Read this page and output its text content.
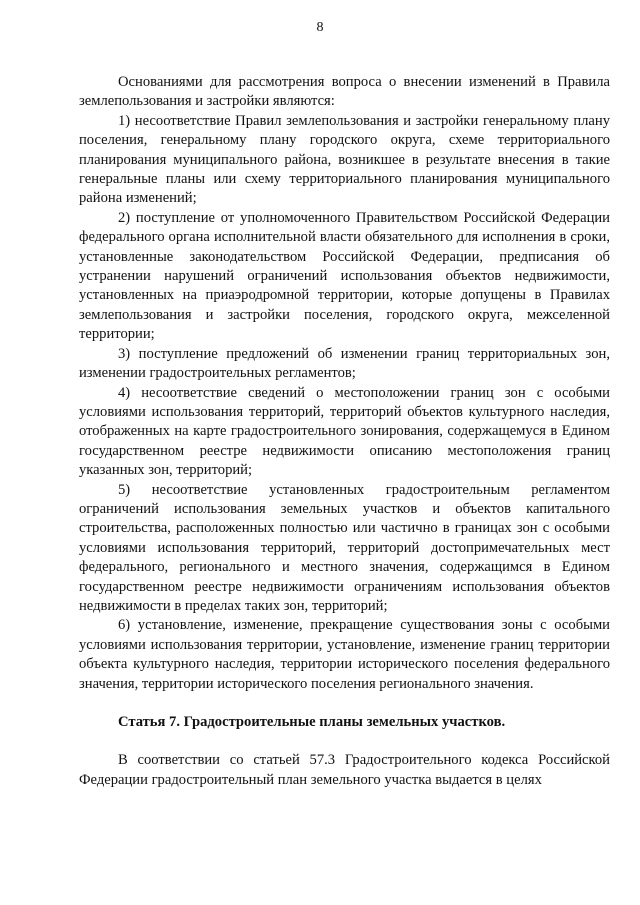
8

Основаниями для рассмотрения вопроса о внесении изменений в Правила землепользования и застройки являются:

1) несоответствие Правил землепользования и застройки генеральному плану поселения, генеральному плану городского округа, схеме территориального планирования муниципального района, возникшее в результате внесения в такие генеральные планы или схему территориального планирования муниципального района изменений;

2) поступление от уполномоченного Правительством Российской Федерации федерального органа исполнительной власти обязательного для исполнения в сроки, установленные законодательством Российской Федерации, предписания об устранении нарушений ограничений использования объектов недвижимости, установленных на приаэродромной территории, которые допущены в Правилах землепользования и застройки поселения, городского округа, межселенной территории;

3) поступление предложений об изменении границ территориальных зон, изменении градостроительных регламентов;

4) несоответствие сведений о местоположении границ зон с особыми условиями использования территорий, территорий объектов культурного наследия, отображенных на карте градостроительного зонирования, содержащемуся в Едином государственном реестре недвижимости описанию местоположения границ указанных зон, территорий;

5) несоответствие установленных градостроительным регламентом ограничений использования земельных участков и объектов капитального строительства, расположенных полностью или частично в границах зон с особыми условиями использования территорий, территорий достопримечательных мест федерального, регионального и местного значения, содержащимся в Едином государственном реестре недвижимости ограничениям использования объектов недвижимости в пределах таких зон, территорий;

6) установление, изменение, прекращение существования зоны с особыми условиями использования территории, установление, изменение границ территории объекта культурного наследия, территории исторического поселения федерального значения, территории исторического поселения регионального значения.

Статья 7. Градостроительные планы земельных участков.

В соответствии со статьей 57.3 Градостроительного кодекса Российской Федерации градостроительный план земельного участка выдается в целях
